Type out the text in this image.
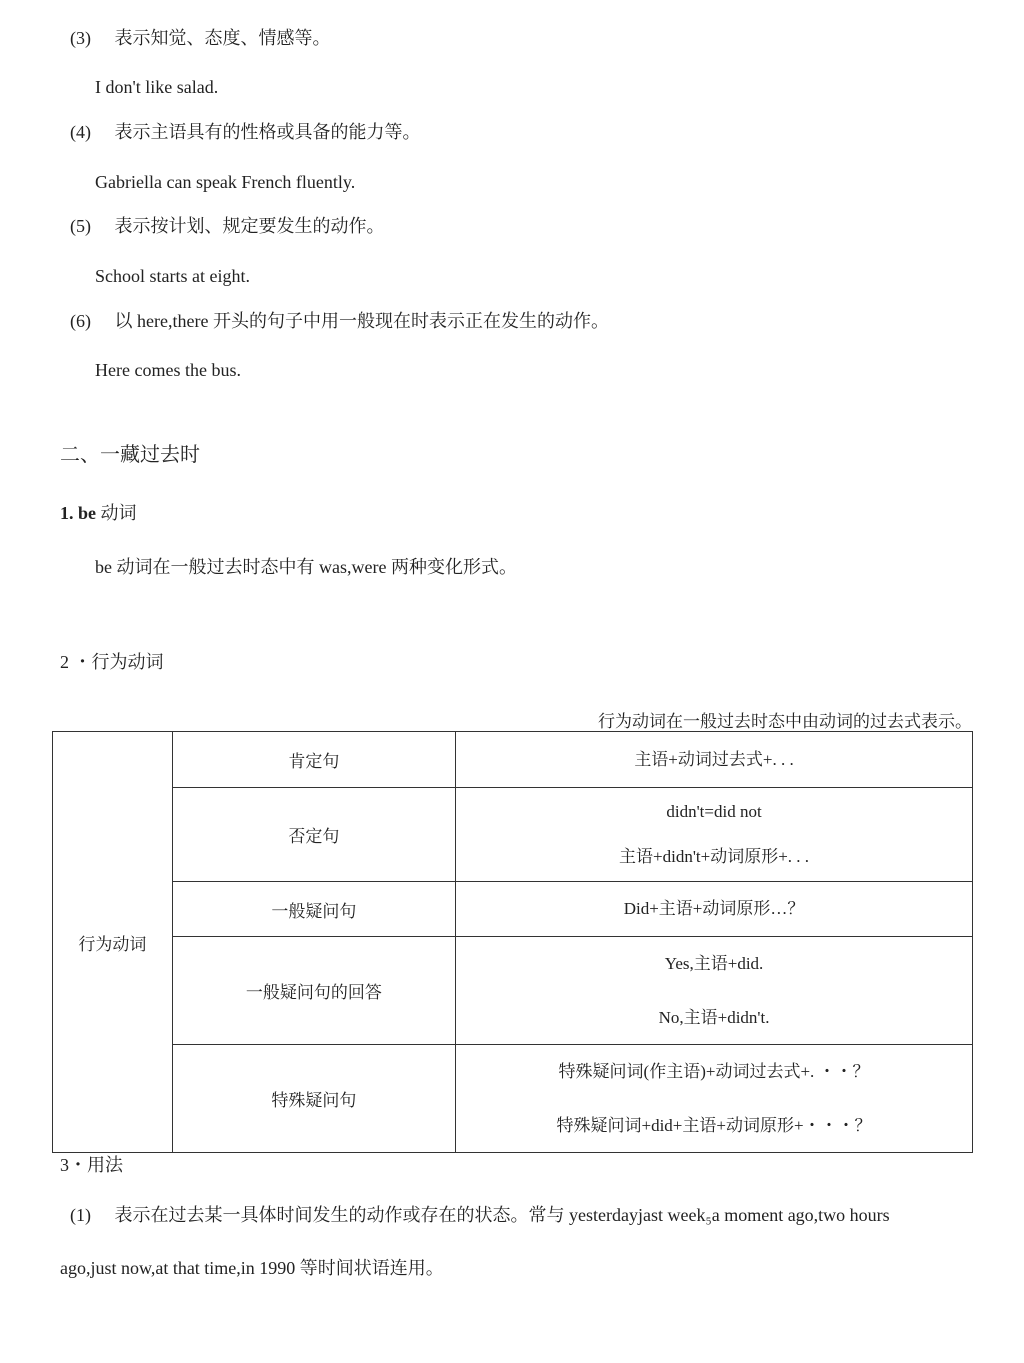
(3) 表示知觉、态度、情感等。
I don't like salad.
(4) 表示主语具有的性格或具备的能力等。
Gabriella can speak French fluently.
(5) 表示按计划、规定要发生的动作。
School starts at eight.
(6) 以 here,there 开头的句子中用一般现在时表示正在发生的动作。
Here comes the bus.
二、一藏过去时
1. be 动词
be 动词在一般过去时态中有 was,were 两种变化形式。
2 ・行为动词
行为动词在一般过去时态中由动词的过去式表示。
行为动词	肯定句	主语+动词过去式+. . .

	否定句	didn't=did not
主语+didn't+动词原形+. . .

	一般疑问句	Did+主语+动词原形…？

	一般疑问句的回答	Yes,主语+did.
No,主语+didn't.

	特殊疑问句	特殊疑问词(作主语)+动词过去式+. ・・？
特殊疑问词+did+主语+动词原形+・・・？
3・用法
(1) 表示在过去某一具体时间发生的动作或存在的状态。常与 yesterdayjast week₅a moment ago,two hours
ago,just now,at that time,in 1990 等时间状语连用。
